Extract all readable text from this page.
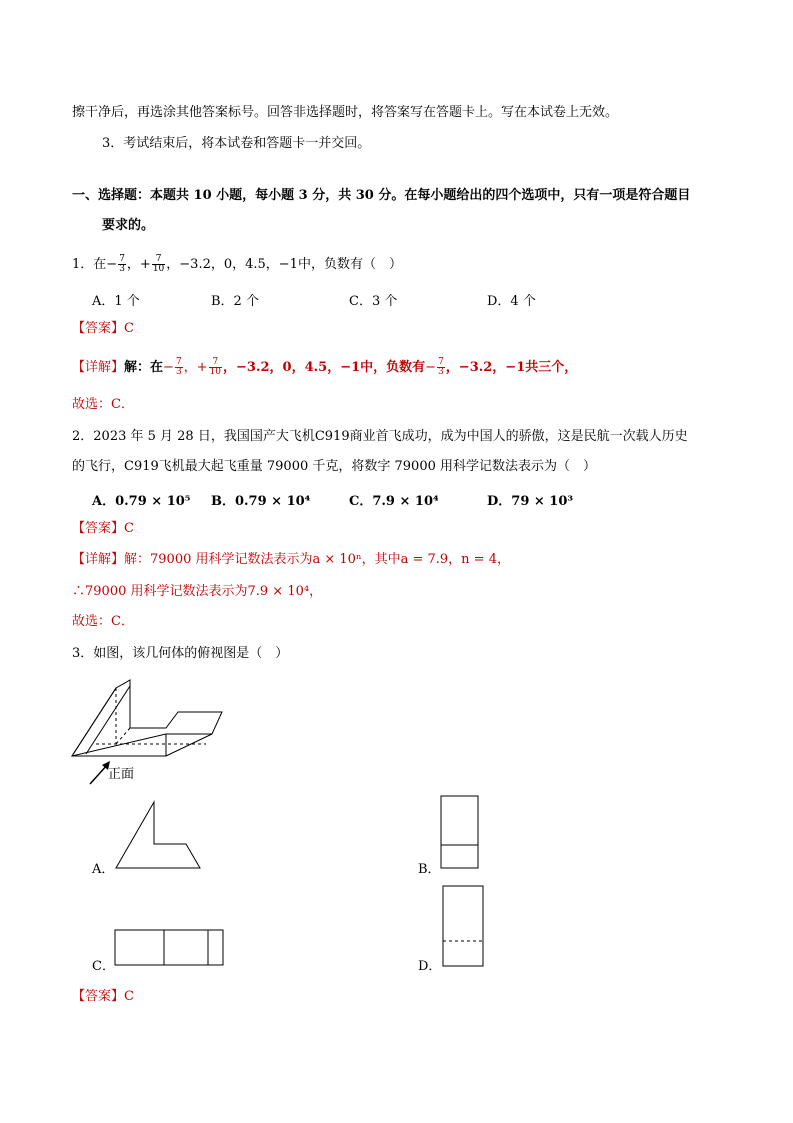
擦干净后，再选涂其他答案标号。回答非选择题时，将答案写在答题卡上。写在本试卷上无效。
3．考试结束后，将本试卷和答题卡一并交回。
一、选择题：本题共 10 小题，每小题 3 分，共 30 分。在每小题给出的四个选项中，只有一项是符合题目
要求的。
1．在− $\frac{7}{3}$ ，+ $\frac{7}{10}$ ，−3.2，0，4.5，−1中，负数有（　）
A．1 个	B．2 个	C．3 个	D．4 个
【答案】C
【详解】解：在− $\frac{7}{3}$ ，+ $\frac{7}{10}$ ，−3.2，0，4.5，−1中，负数有− $\frac{7}{3}$ ，−3.2，−1共三个，
故选：C．
2．2023 年 5 月 28 日，我国国产大飞机C919商业首飞成功，成为中国人的骄傲，这是民航一次载人历史
的飞行，C919飞机最大起飞重量 79000 千克，将数字 79000 用科学记数法表示为（　）
A．0.79 × 10⁵ B．0.79 × 10⁴	C．7.9 × 10⁴	D．79 × 10³
【答案】C
【详解】解：79000 用科学记数法表示为a × 10ⁿ，其中a = 7.9，n = 4，
∴79000 用科学记数法表示为7.9 × 10⁴，
故选：C．
3．如图，该几何体的俯视图是（　）
正面
A．	B．
C．	D．
【答案】C
